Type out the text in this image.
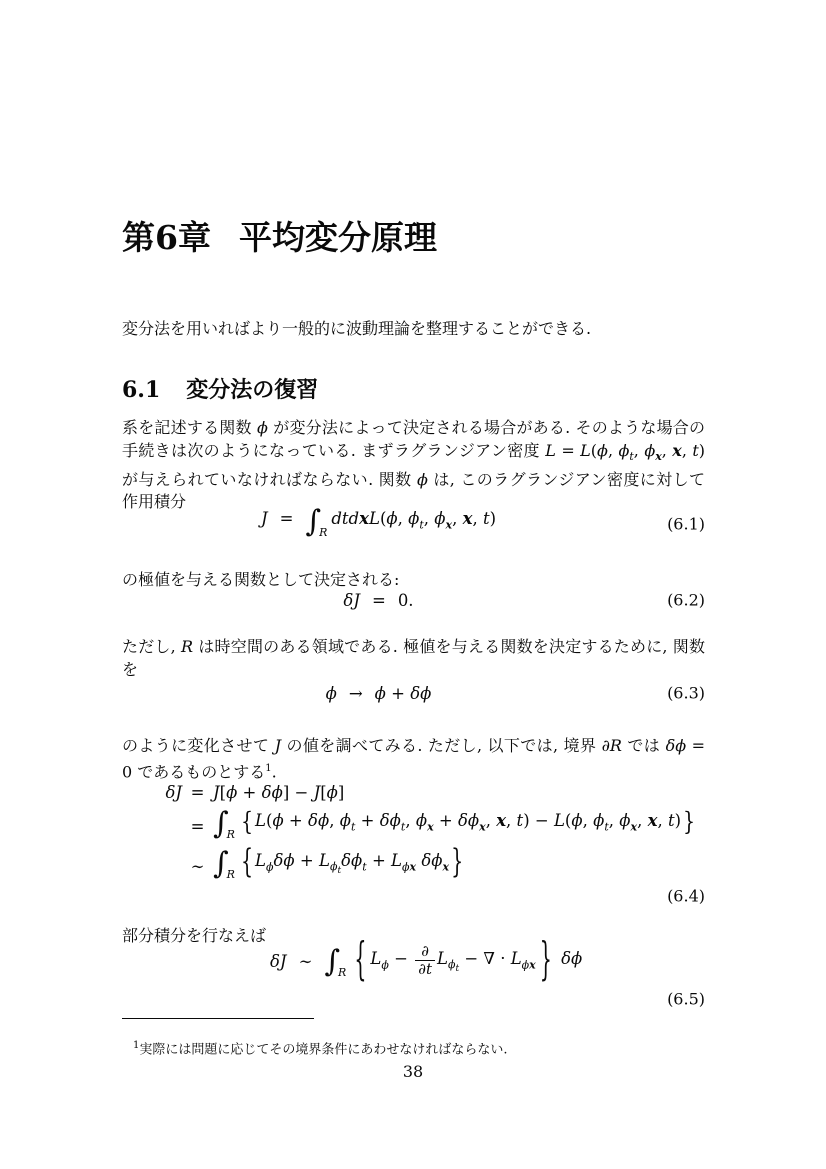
第6章 平均変分原理

変分法を用いればより一般的に波動理論を整理することができる.

6.1 変分法の復習

系を記述する関数 ϕ が変分法によって決定される場合がある. そのような場合の手続きは次のようになっている. まずラグランジアン密度 L = L(ϕ, $\phi_t$, $\phi_x$, x, t) が与えられていなければならない. 関数 ϕ は, このラグランジアン密度に対して作用積分

$J = \int_RdtdxL(\phi$, $\phi_t$, $\phi_x$, x, t)	(6.1)

の極値を与える関数として決定される:

δJ = 0.	(6.2)

ただし, R は時空間のある領域である. 極値を与える関数を決定するために, 関数を

ϕ → ϕ + δϕ	(6.3)

のように変化させて J の値を調べてみる. ただし, 以下では, 境界 ∂R では δϕ = 0 であるものとする$^1$.

δJ = J[ϕ + δϕ] − J[ϕ]
= $\int_R$ { L(ϕ + δϕ, $\phi_t + \delta\phi_t$, $\phi_x + \delta\phi_x$, x, t) − L(ϕ, $\phi_t$, $\phi_x$, x, t) }
∼ $\int_R$ { $L_\phi\delta\phi + L_{\phi_t}\delta\phi_t + L_{\phi x}$ $\delta\phi_x$ }
(6.4)

部分積分を行なえば

δJ ∼ $\int_R$ { $L_\phi - \frac{\partial}{\partial t} L_{\phi_t}$ − ∇ · $L_{\phi x}$ } δϕ
(6.5)

$^1$実際には問題に応じてその境界条件にあわせなければならない.

38
